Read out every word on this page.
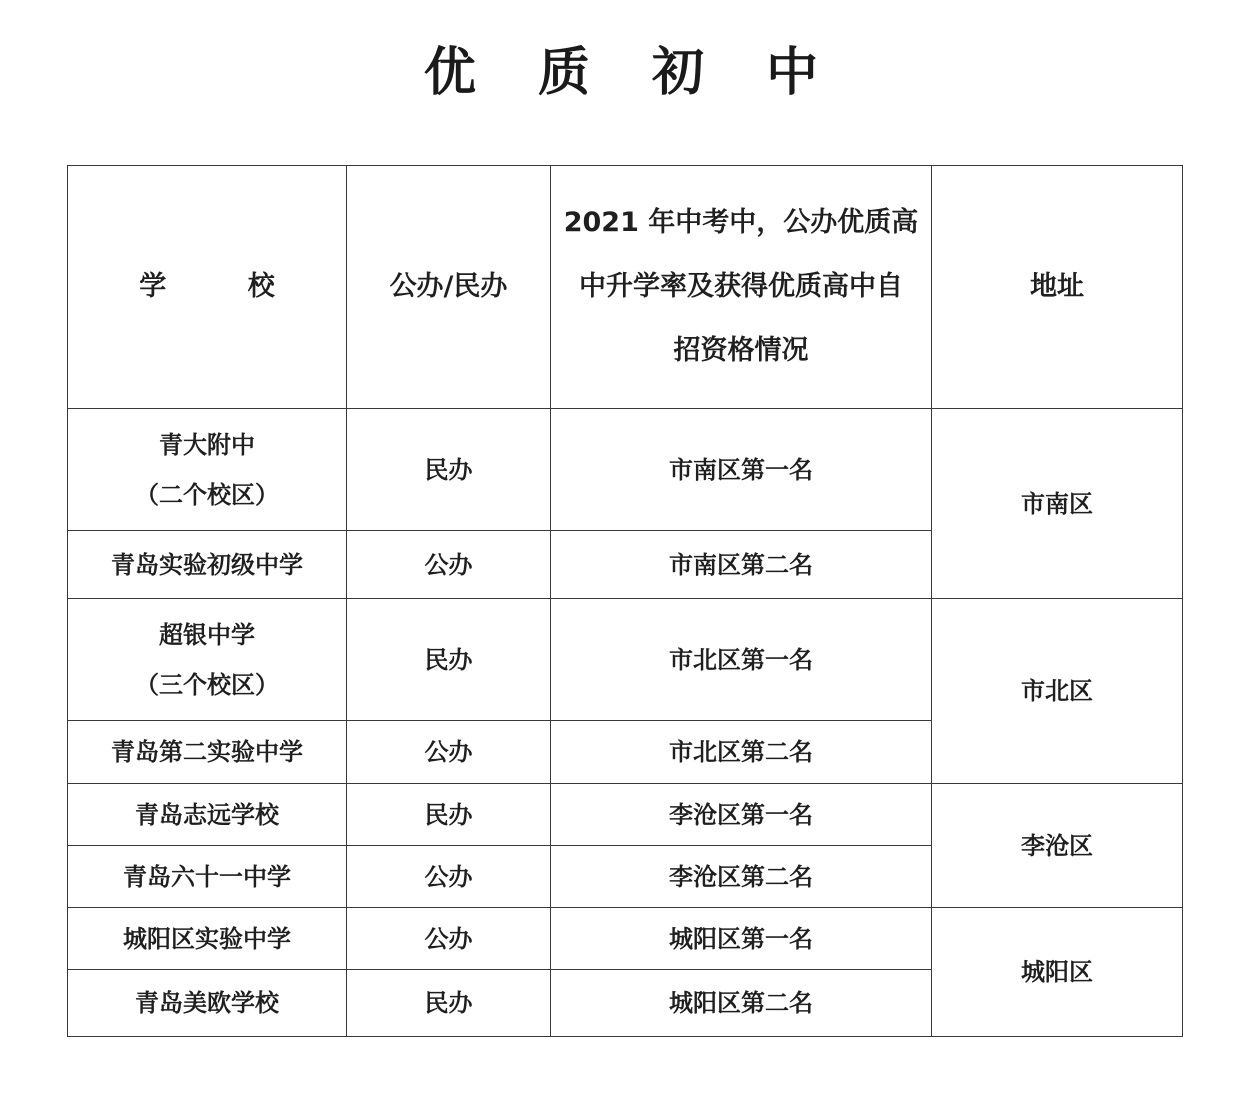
优 质 初 中
学 校	公办/民办	2021 年中考中，公办优质高
中升学率及获得优质高中自
招资格情况	地址

青大附中
（二个校区）	民办	市南区第一名	市南区
青岛实验初级中学	公办	市南区第二名	

超银中学
（三个校区）	民办	市北区第一名	市北区
青岛第二实验中学	公办	市北区第二名	
青岛志远学校	民办	李沧区第一名	李沧区
青岛六十一中学	公办	李沧区第二名	
城阳区实验中学	公办	城阳区第一名	城阳区
青岛美欧学校	民办	城阳区第二名	
